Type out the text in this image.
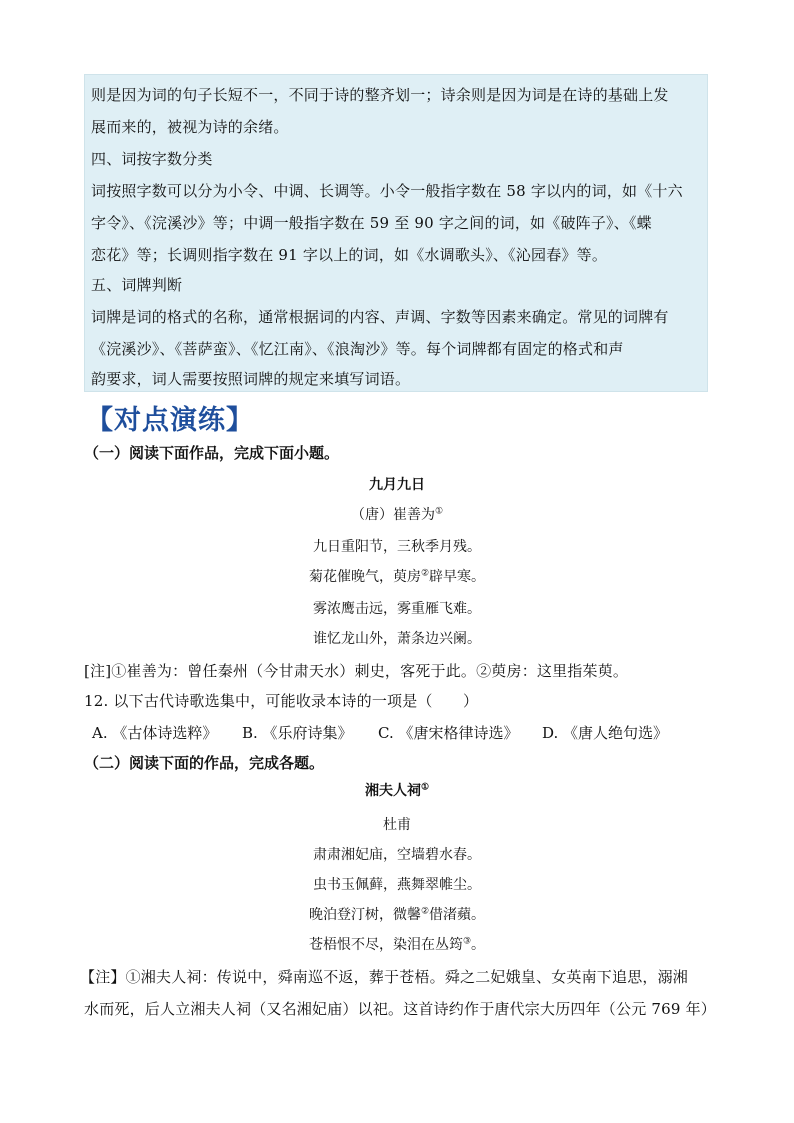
则是因为词的句子长短不一，不同于诗的整齐划一；诗余则是因为词是在诗的基础上发
展而来的，被视为诗的余绪。
四、词按字数分类
词按照字数可以分为小令、中调、长调等。小令一般指字数在 58 字以内的词，如《十六
字令》、《浣溪沙》等；中调一般指字数在 59 至 90 字之间的词，如《破阵子》、《蝶
恋花》等；长调则指字数在 91 字以上的词，如《水调歌头》、《沁园春》等。
五、词牌判断
词牌是词的格式的名称，通常根据词的内容、声调、字数等因素来确定。常见的词牌有
《浣溪沙》、《菩萨蛮》、《忆江南》、《浪淘沙》等。每个词牌都有固定的格式和声
韵要求，词人需要按照词牌的规定来填写词语。
【对点演练】
（一）阅读下面作品，完成下面小题。
九月九日
（唐）崔善为①
九日重阳节，三秋季月残。
菊花催晚气，萸房②辟早寒。
雾浓鹰击远，雾重雁飞难。
谁忆龙山外，萧条边兴阑。
[注]①崔善为：曾任秦州（今甘肃天水）刺史，客死于此。②萸房：这里指茱萸。
12. 以下古代诗歌选集中，可能收录本诗的一项是（　　）
A. 《古体诗选粹》 B. 《乐府诗集》 C. 《唐宋格律诗选》 D. 《唐人绝句选》
（二）阅读下面的作品，完成各题。
湘夫人祠①
杜甫
肃肃湘妃庙，空墙碧水春。
虫书玉佩藓，燕舞翠帷尘。
晚泊登汀树，微馨②借渚蘋。
苍梧恨不尽，染泪在丛筠③。
【注】①湘夫人祠：传说中，舜南巡不返，葬于苍梧。舜之二妃娥皇、女英南下追思，溺湘
水而死，后人立湘夫人祠（又名湘妃庙）以祀。这首诗约作于唐代宗大历四年（公元 769 年）
